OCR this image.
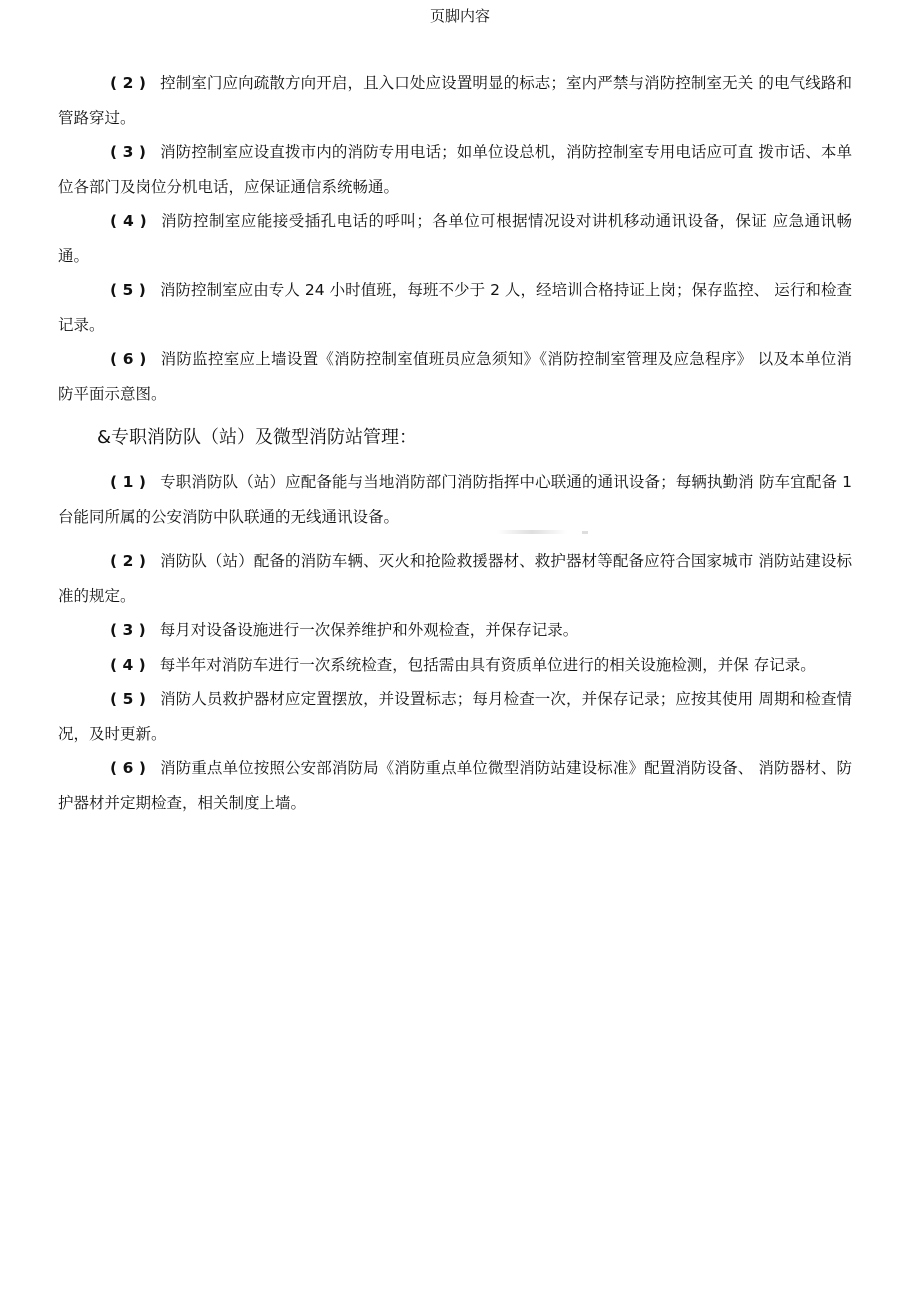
页脚内容

( 2 ) 控制室门应向疏散方向开启，且入口处应设置明显的标志；室内严禁与消防控制室无关 的电气线路和管路穿过。

( 3 ) 消防控制室应设直拨市内的消防专用电话；如单位设总机，消防控制室专用电话应可直 拨市话、本单位各部门及岗位分机电话，应保证通信系统畅通。

( 4 ) 消防控制室应能接受插孔电话的呼叫；各单位可根据情况设对讲机移动通讯设备，保证 应急通讯畅通。

( 5 ) 消防控制室应由专人 24 小时值班，每班不少于 2 人，经培训合格持证上岗；保存监控、 运行和检查记录。

( 6 ) 消防监控室应上墙设置《消防控制室值班员应急须知》《消防控制室管理及应急程序》 以及本单位消防平面示意图。

&专职消防队（站）及微型消防站管理：

( 1 ) 专职消防队（站）应配备能与当地消防部门消防指挥中心联通的通讯设备；每辆执勤消 防车宜配备 1 台能同所属的公安消防中队联通的无线通讯设备。

( 2 ) 消防队（站）配备的消防车辆、灭火和抢险救援器材、救护器材等配备应符合国家城市 消防站建设标准的规定。

( 3 ) 每月对设备设施进行一次保养维护和外观检查，并保存记录。

( 4 ) 每半年对消防车进行一次系统检查，包括需由具有资质单位进行的相关设施检测，并保 存记录。

( 5 ) 消防人员救护器材应定置摆放，并设置标志；每月检查一次，并保存记录；应按其使用 周期和检查情况，及时更新。

( 6 ) 消防重点单位按照公安部消防局《消防重点单位微型消防站建设标准》配置消防设备、 消防器材、防护器材并定期检查，相关制度上墙。
